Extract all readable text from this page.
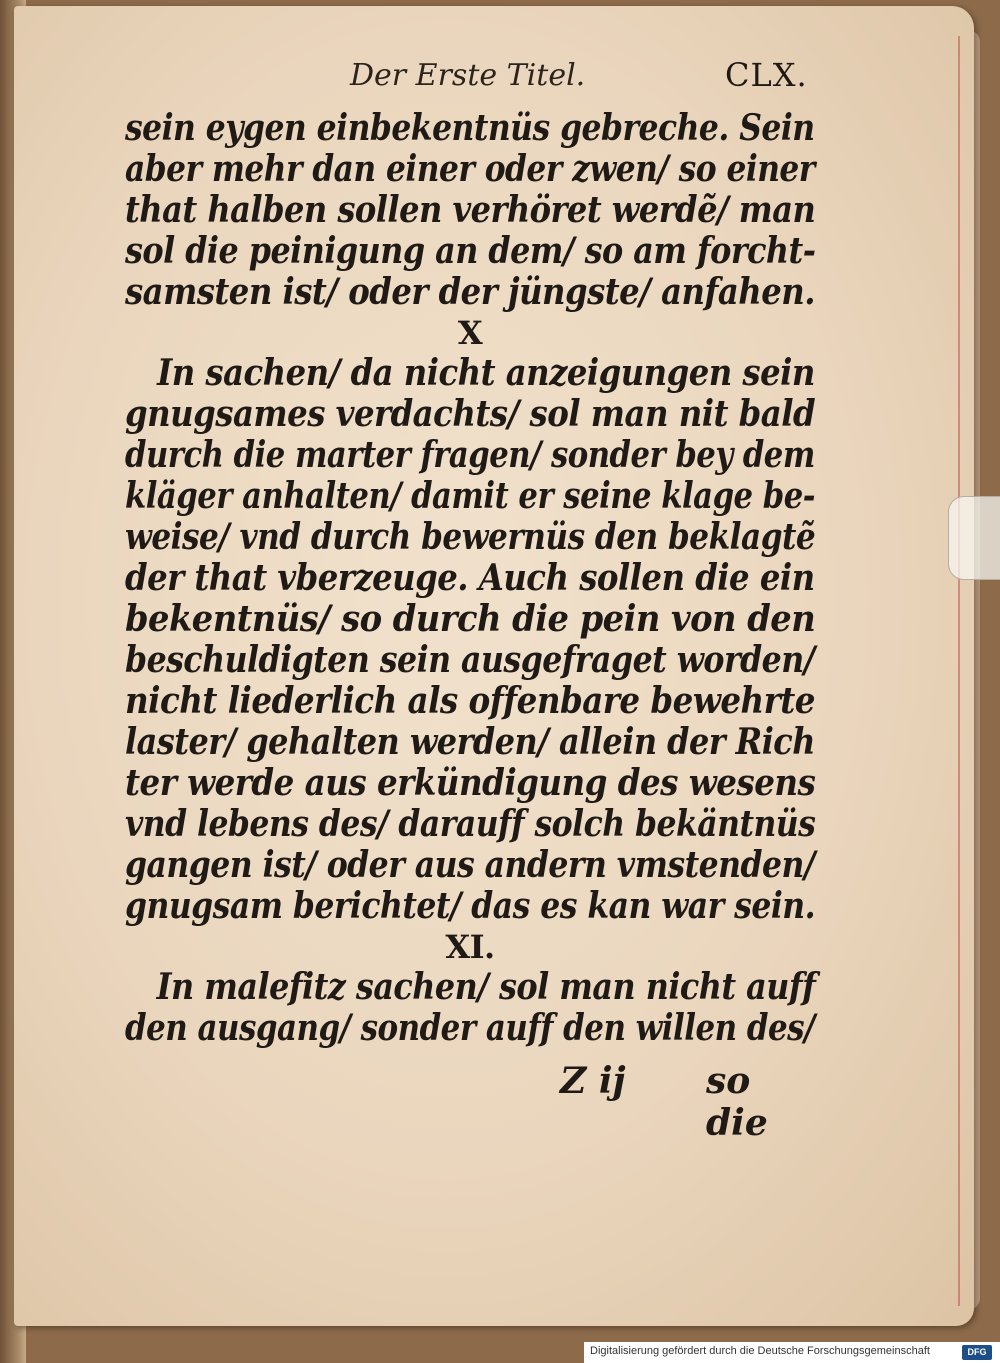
Der Erste Titel.	CLX.
sein eygen einbekentnüs gebreche. Sein
aber mehr dan einer oder zwen/ so einer
that halben sollen verhöret werdẽ/ man
sol die peinigung an dem/ so am forcht-
samsten ist/ oder der jüngste/ anfahen.
X
In sachen/ da nicht anzeigungen sein
gnugsames verdachts/ sol man nit bald
durch die marter fragen/ sonder bey dem
kläger anhalten/ damit er seine klage be-
weise/ vnd durch bewernüs den beklagtẽ
der that vberzeuge. Auch sollen die ein
bekentnüs/ so durch die pein von den
beschuldigten sein ausgefraget worden/
nicht liederlich als offenbare bewehrte
laster/ gehalten werden/ allein der Rich
ter werde aus erkündigung des wesens
vnd lebens des/ darauff solch bekäntnüs
gangen ist/ oder aus andern vmstenden/
gnugsam berichtet/ das es kan war sein.
XI.
In malefitz sachen/ sol man nicht auff
den ausgang/ sonder auff den willen des/
Z ij so die
Digitalisierung gefördert durch die Deutsche Forschungsgemeinschaft	DFG
